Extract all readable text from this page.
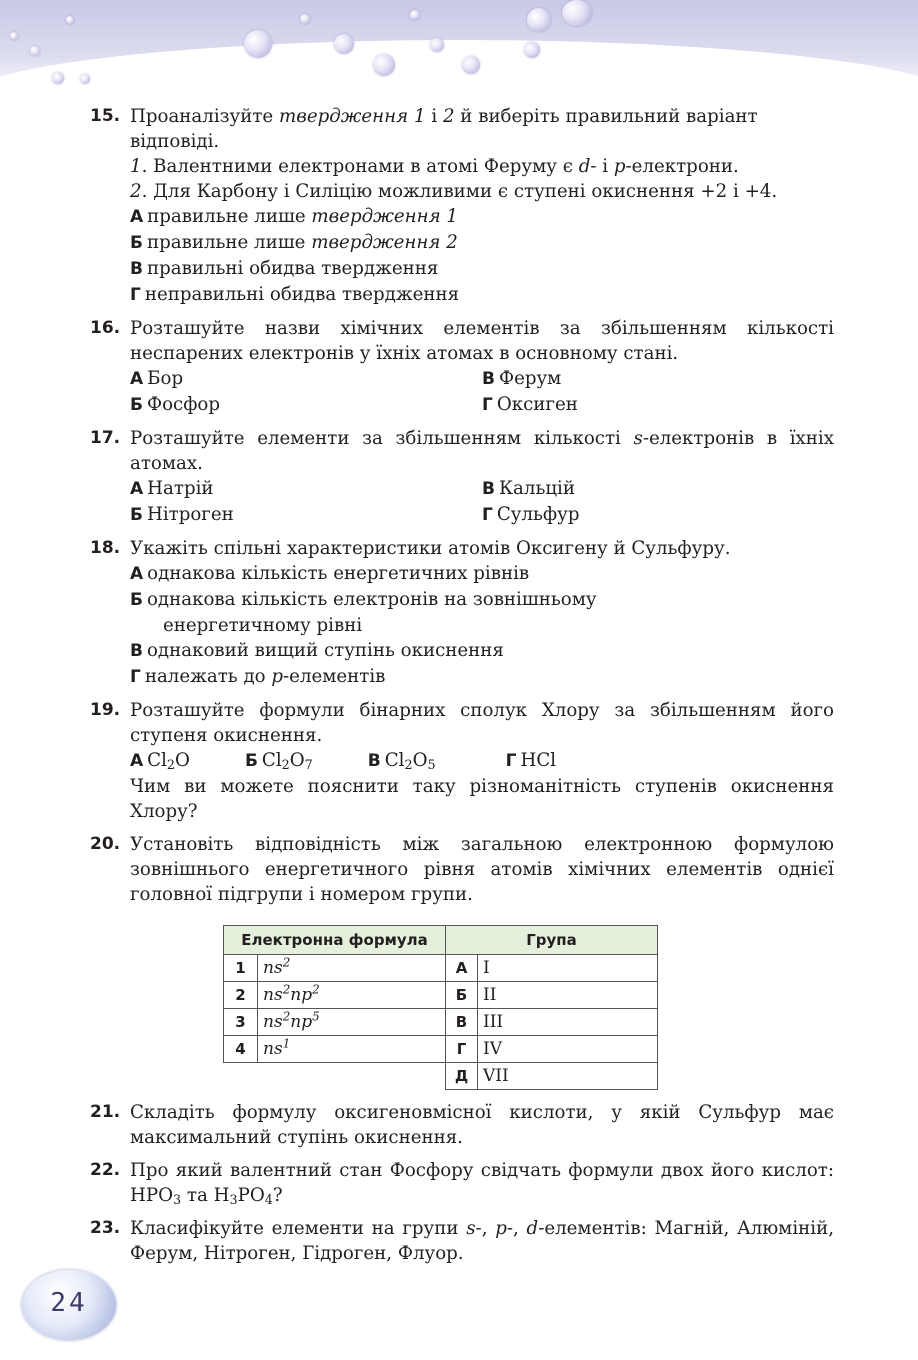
15. Проаналізуйте твердження 1 і 2 й виберіть правильний варіант відповіді.
1. Валентними електронами в атомі Феруму є d- і p-електрони.
2. Для Карбону і Силіцію можливими є ступені окиснення +2 і +4.
А правильне лише твердження 1
Б правильне лише твердження 2
В правильні обидва твердження
Г неправильні обидва твердження
16. Розташуйте назви хімічних елементів за збільшенням кількості неспарених електронів у їхніх атомах в основному стані.
А Бор
Б Фосфор
В Ферум
Г Оксиген
17. Розташуйте елементи за збільшенням кількості s-електронів в їхніх атомах.
А Натрій
Б Нітроген
В Кальцій
Г Сульфур
18. Укажіть спільні характеристики атомів Оксигену й Сульфуру.
А однакова кількість енергетичних рівнів
Б однакова кількість електронів на зовнішньому
енергетичному рівні
В однаковий вищий ступінь окиснення
Г належать до p-елементів
19. Розташуйте формули бінарних сполук Хлору за збільшенням його ступеня окиснення.
А $Cl_2O$	Б $Cl_2O_7$	В $Cl_2O_5$	Г HCl
Чим ви можете пояснити таку різноманітність ступенів окиснення Хлору?
20. Установіть відповідність між загальною електронною формулою зовнішнього енергетичного рівня атомів хімічних елементів однієї головної підгрупи і номером групи.
Електронна формула		Група	
1	$ns^2$	А	I
2	$ns^2np^2$	Б	II
3	$ns^2np^5$	В	III
4	$ns^1$	Г	IV
		Д	VII
21. Складіть формулу оксигеновмісної кислоти, у якій Сульфур має максимальний ступінь окиснення.
22. Про який валентний стан Фосфору свідчать формули двох його кислот: $HPO_3$ та $H_3PO_4$?
23. Класифікуйте елементи на групи s-, p-, d-елементів: Магній, Алюміній, Ферум, Нітроген, Гідроген, Флуор.
24
